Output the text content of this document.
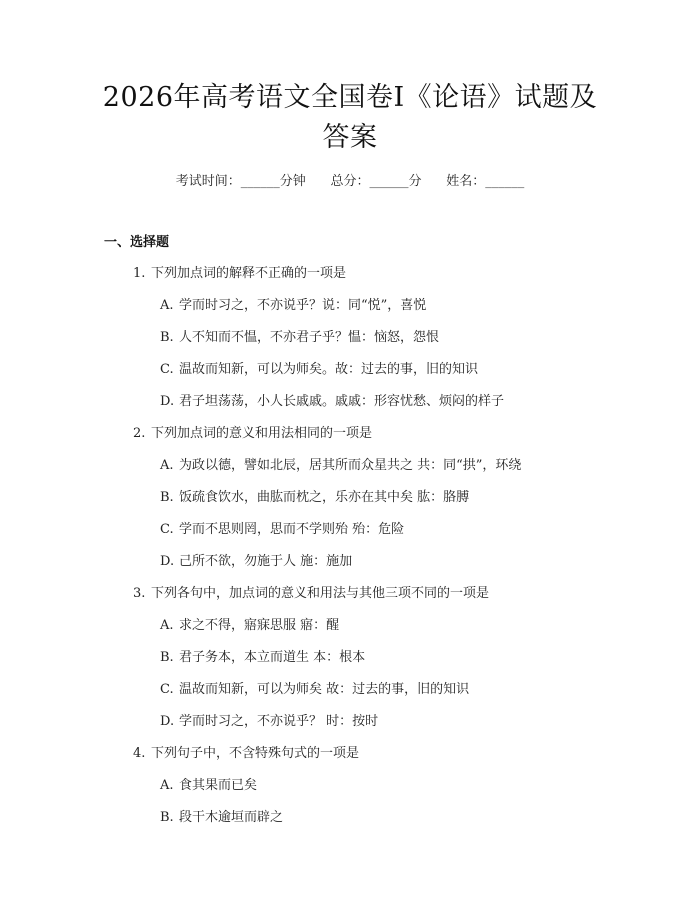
2026年高考语文全国卷I《论语》试题及答案
考试时间：______分钟      总分：______分      姓名：______
一、选择题
1. 下列加点词的解释不正确的一项是
A. 学而时习之，不亦说乎？说：同“悦”，喜悦
B. 人不知而不愠，不亦君子乎？愠：恼怒，怨恨
C. 温故而知新，可以为师矣。故：过去的事，旧的知识
D. 君子坦荡荡，小人长戚戚。戚戚：形容忧愁、烦闷的样子
2. 下列加点词的意义和用法相同的一项是
A. 为政以德，譬如北辰，居其所而众星共之 共：同“拱”，环绕
B. 饭疏食饮水，曲肱而枕之，乐亦在其中矣 肱：胳膊
C. 学而不思则罔，思而不学则殆 殆：危险
D. 己所不欲，勿施于人 施：施加
3. 下列各句中，加点词的意义和用法与其他三项不同的一项是
A. 求之不得，寤寐思服 寤：醒
B. 君子务本，本立而道生 本：根本
C. 温故而知新，可以为师矣 故：过去的事，旧的知识
D. 学而时习之，不亦说乎？ 时：按时
4. 下列句子中，不含特殊句式的一项是
A. 食其果而已矣
B. 段干木逾垣而辟之
